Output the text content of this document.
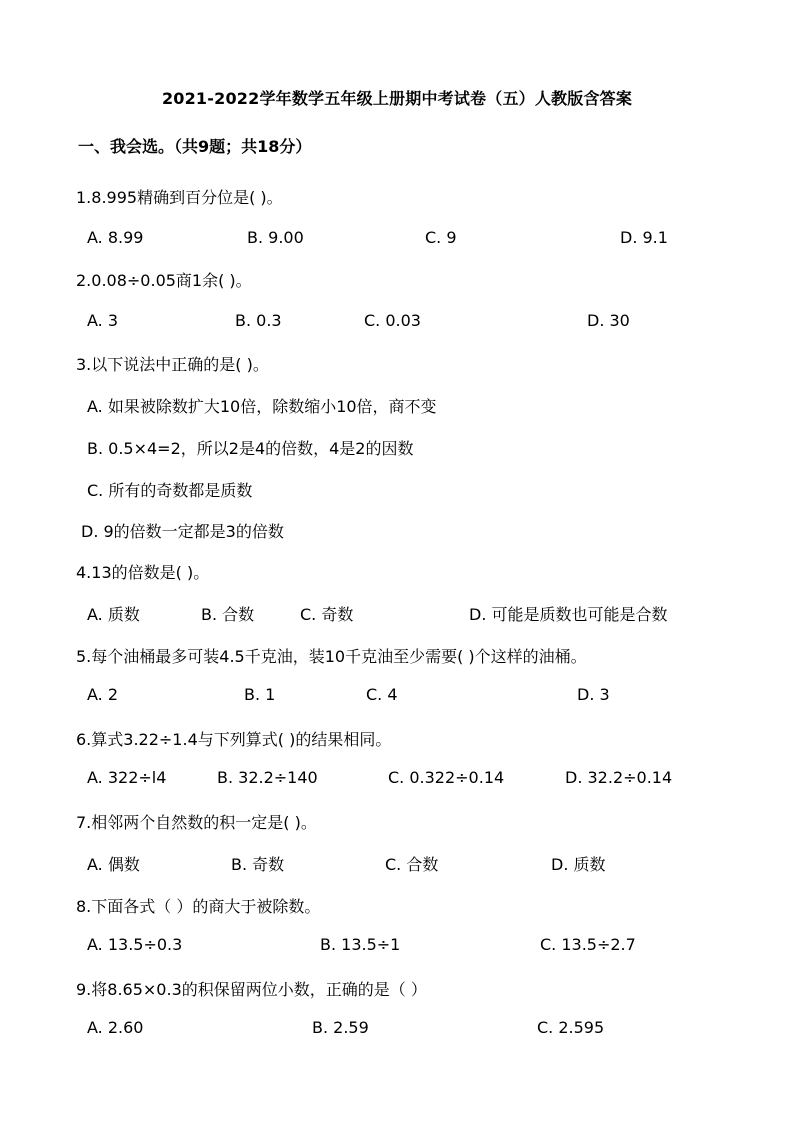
2021-2022学年数学五年级上册期中考试卷（五）人教版含答案
一、我会选。（共9题；共18分）
1.8.995精确到百分位是( )。
A. 8.99	B. 9.00	C. 9	D. 9.1
2.0.08÷0.05商1余( )。
A. 3	B. 0.3	C. 0.03	D. 30
3.以下说法中正确的是( )。
A. 如果被除数扩大10倍，除数缩小10倍，商不变
B. 0.5×4=2，所以2是4的倍数，4是2的因数
C. 所有的奇数都是质数
D. 9的倍数一定都是3的倍数
4.13的倍数是( )。
A. 质数	B. 合数	C. 奇数	D. 可能是质数也可能是合数
5.每个油桶最多可装4.5千克油，装10千克油至少需要( )个这样的油桶。
A. 2	B. 1	C. 4	D. 3
6.算式3.22÷1.4与下列算式( )的结果相同。
A. 322÷l4	B. 32.2÷140	C. 0.322÷0.14	D. 32.2÷0.14
7.相邻两个自然数的积一定是( )。
A. 偶数	B. 奇数	C. 合数	D. 质数
8.下面各式（ ）的商大于被除数。
A. 13.5÷0.3	B. 13.5÷1	C. 13.5÷2.7
9.将8.65×0.3的积保留两位小数，正确的是（ ）
A. 2.60	B. 2.59	C. 2.595
